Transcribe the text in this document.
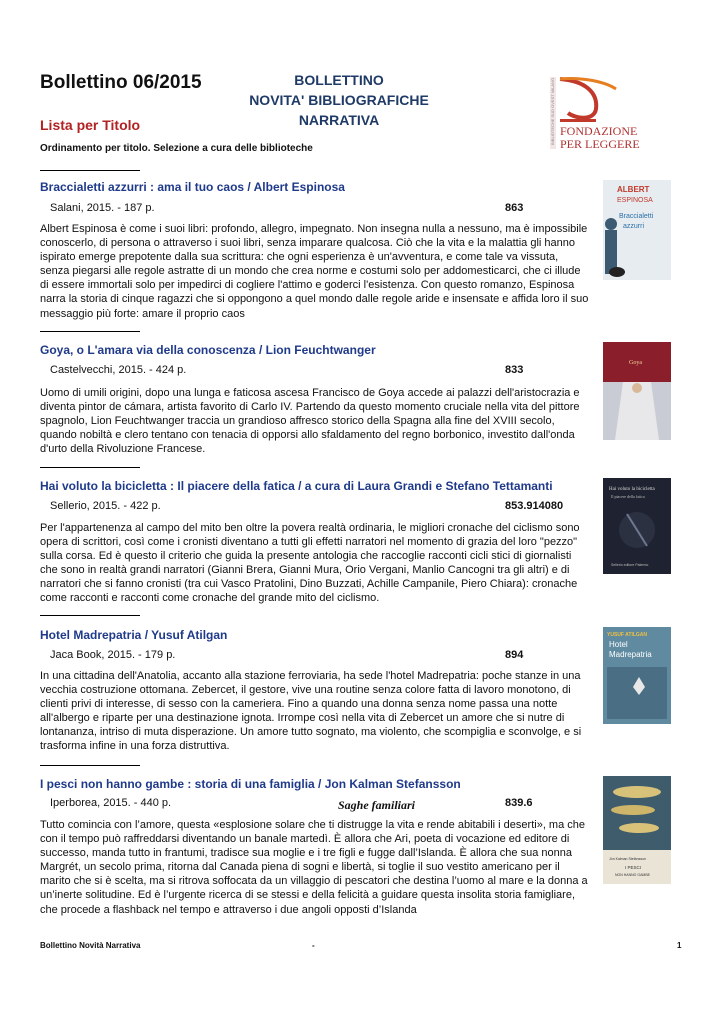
Bollettino 06/2015	BOLLETTINO
NOVITA' BIBLIOGRAFICHE
NARRATIVA
Lista per Titolo
Ordinamento per titolo. Selezione a cura delle biblioteche
FONDAZIONE
PER LEGGERE
BIBLIOTECHE SUD OVEST MILANO
Braccialetti azzurri : ama il tuo caos / Albert Espinosa
Salani, 2015. - 187 p.	863

Albert Espinosa è come i suoi libri: profondo, allegro, impegnato. Non insegna nulla a nessuno, ma è impossibile conoscerlo, di persona o attraverso i suoi libri, senza imparare qualcosa. Ciò che la vita e la malattia gli hanno ispirato emerge prepotente dalla sua scrittura: che ogni esperienza è un'avventura, e come tale va vissuta, senza piegarsi alle regole astratte di un mondo che crea norme e costumi solo per addomesticarci, che ci illude di essere immortali solo per impedirci di cogliere l'attimo e goderci l'esistenza. Con questo romanzo, Espinosa narra la storia di cinque ragazzi che si oppongono a quel mondo dalle regole aride e insensate e affida loro il suo messaggio più forte: amare il proprio caos

ALBERT
ESPINOSA
Braccialetti
azzurri
Goya, o L'amara via della conoscenza / Lion Feuchtwanger
Castelvecchi, 2015. - 424 p.	833

Uomo di umili origini, dopo una lunga e faticosa ascesa Francisco de Goya accede ai palazzi dell'aristocrazia e diventa pintor de cámara, artista favorito di Carlo IV. Partendo da questo momento cruciale nella vita del pittore spagnolo, Lion Feuchtwanger traccia un grandioso affresco storico della Spagna alla fine del XVIII secolo, quando nobiltà e clero tentano con tenacia di opporsi allo sfaldamento del regno borbonico, investito dall'onda d'urto della Rivoluzione Francese.

Goya
Hai voluto la bicicletta : Il piacere della fatica / a cura di Laura Grandi e Stefano Tettamanti
Sellerio, 2015. - 422 p.	853.914080

Per l'appartenenza al campo del mito ben oltre la povera realtà ordinaria, le migliori cronache del ciclismo sono opera di scrittori, così come i cronisti diventano a tutti gli effetti narratori nel momento di grazia del loro "pezzo" sulla corsa. Ed è questo il criterio che guida la presente antologia che raccoglie racconti cicli stici di giornalisti che sono in realtà grandi narratori (Gianni Brera, Gianni Mura, Orio Vergani, Manlio Cancogni tra gli altri) e di narratori che si fanno cronisti (tra cui Vasco Pratolini, Dino Buzzati, Achille Campanile, Piero Chiara): cronache come racconti e racconti come cronache del grande mito del ciclismo.

Hai voluto la bicicletta
Il piacere della fatica
Sellerio editore Palermo
Hotel Madrepatria / Yusuf Atilgan
Jaca Book, 2015. - 179 p.	894

In una cittadina dell'Anatolia, accanto alla stazione ferroviaria, ha sede l'hotel Madrepatria: poche stanze in una vecchia costruzione ottomana. Zebercet, il gestore, vive una routine senza colore fatta di lavoro monotono, di clienti privi di interesse, di sesso con la cameriera. Fino a quando una donna senza nome passa una notte all'albergo e riparte per una destinazione ignota. Irrompe così nella vita di Zebercet un amore che si nutre di lontananza, intriso di muta disperazione. Un amore tutto sognato, ma violento, che scompiglia e sconvolge, e si trasforma infine in una forza distruttiva.

YUSUF ATILGAN
Hotel
Madrepatria
I pesci non hanno gambe : storia di una famiglia / Jon Kalman Stefansson
Iperborea, 2015. - 440 p.	Saghe familiari	839.6

Tutto comincia con l’amore, questa «esplosione solare che ti distrugge la vita e rende abitabili i deserti», ma che con il tempo può raffreddarsi diventando un banale martedì. È allora che Ari, poeta di vocazione ed editore di successo, manda tutto in frantumi, tradisce sua moglie e i tre figli e fugge dall’Islanda. È allora che sua nonna Margrét, un secolo prima, ritorna dal Canada piena di sogni e libertà, si toglie il suo vestito americano per il marito che si è scelta, ma si ritrova soffocata da un villaggio di pescatori che destina l’uomo al mare e la donna a un’inerte solitudine. Ed è l’urgente ricerca di se stessi e della felicità a guidare questa insolita storia famigliare, che procede a flashback nel tempo e attraverso i due angoli opposti d’Islanda

Jón Kalman Stefánsson
I PESCI
NON HANNO GAMBE
Bollettino Novità Narrativa	-	1
